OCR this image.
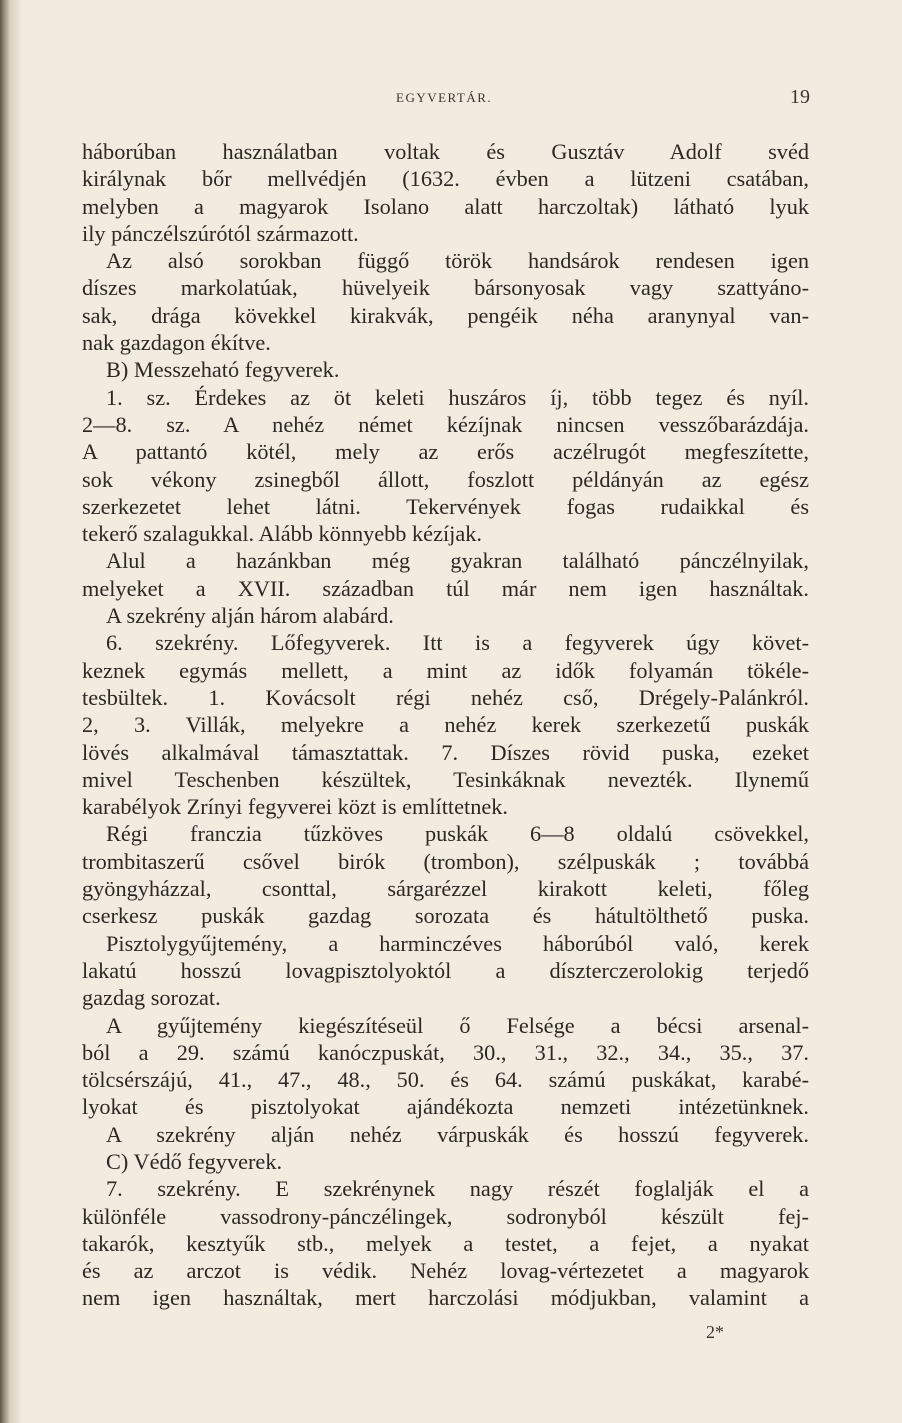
EGYVERTÁR.	19
háborúban használatban voltak és Gusztáv Adolf svéd
királynak bőr mellvédjén (1632. évben a lützeni csatában,
melyben a magyarok Isolano alatt harczoltak) látható lyuk
ily pánczélszúrótól származott.
Az alsó sorokban függő török handsárok rendesen igen
díszes markolatúak, hüvelyeik bársonyosak vagy szattyáno-
sak, drága kövekkel kirakvák, pengéik néha aranynyal van-
nak gazdagon ékítve.
B) Messzeható fegyverek.
1. sz. Érdekes az öt keleti huszáros íj, több tegez és nyíl.
2—8. sz. A nehéz német kézíjnak nincsen vesszőbarázdája.
A pattantó kötél, mely az erős aczélrugót megfeszítette,
sok vékony zsinegből állott, foszlott példányán az egész
szerkezetet lehet látni. Tekervények fogas rudaikkal és
tekerő szalagukkal. Alább könnyebb kézíjak.
Alul a hazánkban még gyakran található pánczélnyilak,
melyeket a XVII. században túl már nem igen használtak.
A szekrény alján három alabárd.
6. szekrény. Lőfegyverek. Itt is a fegyverek úgy követ-
keznek egymás mellett, a mint az idők folyamán tökéle-
tesbültek. 1. Kovácsolt régi nehéz cső, Drégely-Palánkról.
2, 3. Villák, melyekre a nehéz kerek szerkezetű puskák
lövés alkalmával támasztattak. 7. Díszes rövid puska, ezeket
mivel Teschenben készültek, Tesinkáknak nevezték. Ilynemű
karabélyok Zrínyi fegyverei közt is említtetnek.
Régi franczia tűzköves puskák 6—8 oldalú csövekkel,
trombitaszerű csővel birók (trombon), szélpuskák ; továbbá
gyöngyházzal, csonttal, sárgarézzel kirakott keleti, főleg
cserkesz puskák gazdag sorozata és hátultölthető puska.
Pisztolygyűjtemény, a harminczéves háborúból való, kerek
lakatú hosszú lovagpisztolyoktól a díszterczerolokig terjedő
gazdag sorozat.
A gyűjtemény kiegészítéseül ő Felsége a bécsi arsenal-
ból a 29. számú kanóczpuskát, 30., 31., 32., 34., 35., 37.
tölcsérszájú, 41., 47., 48., 50. és 64. számú puskákat, karabé-
lyokat és pisztolyokat ajándékozta nemzeti intézetünknek.
A szekrény alján nehéz várpuskák és hosszú fegyverek.
C) Védő fegyverek.
7. szekrény. E szekrénynek nagy részét foglalják el a
különféle vassodrony-pánczélingek, sodronyból készült fej-
takarók, kesztyűk stb., melyek a testet, a fejet, a nyakat
és az arczot is védik. Nehéz lovag-vértezetet a magyarok
nem igen használtak, mert harczolási módjukban, valamint a
2*
